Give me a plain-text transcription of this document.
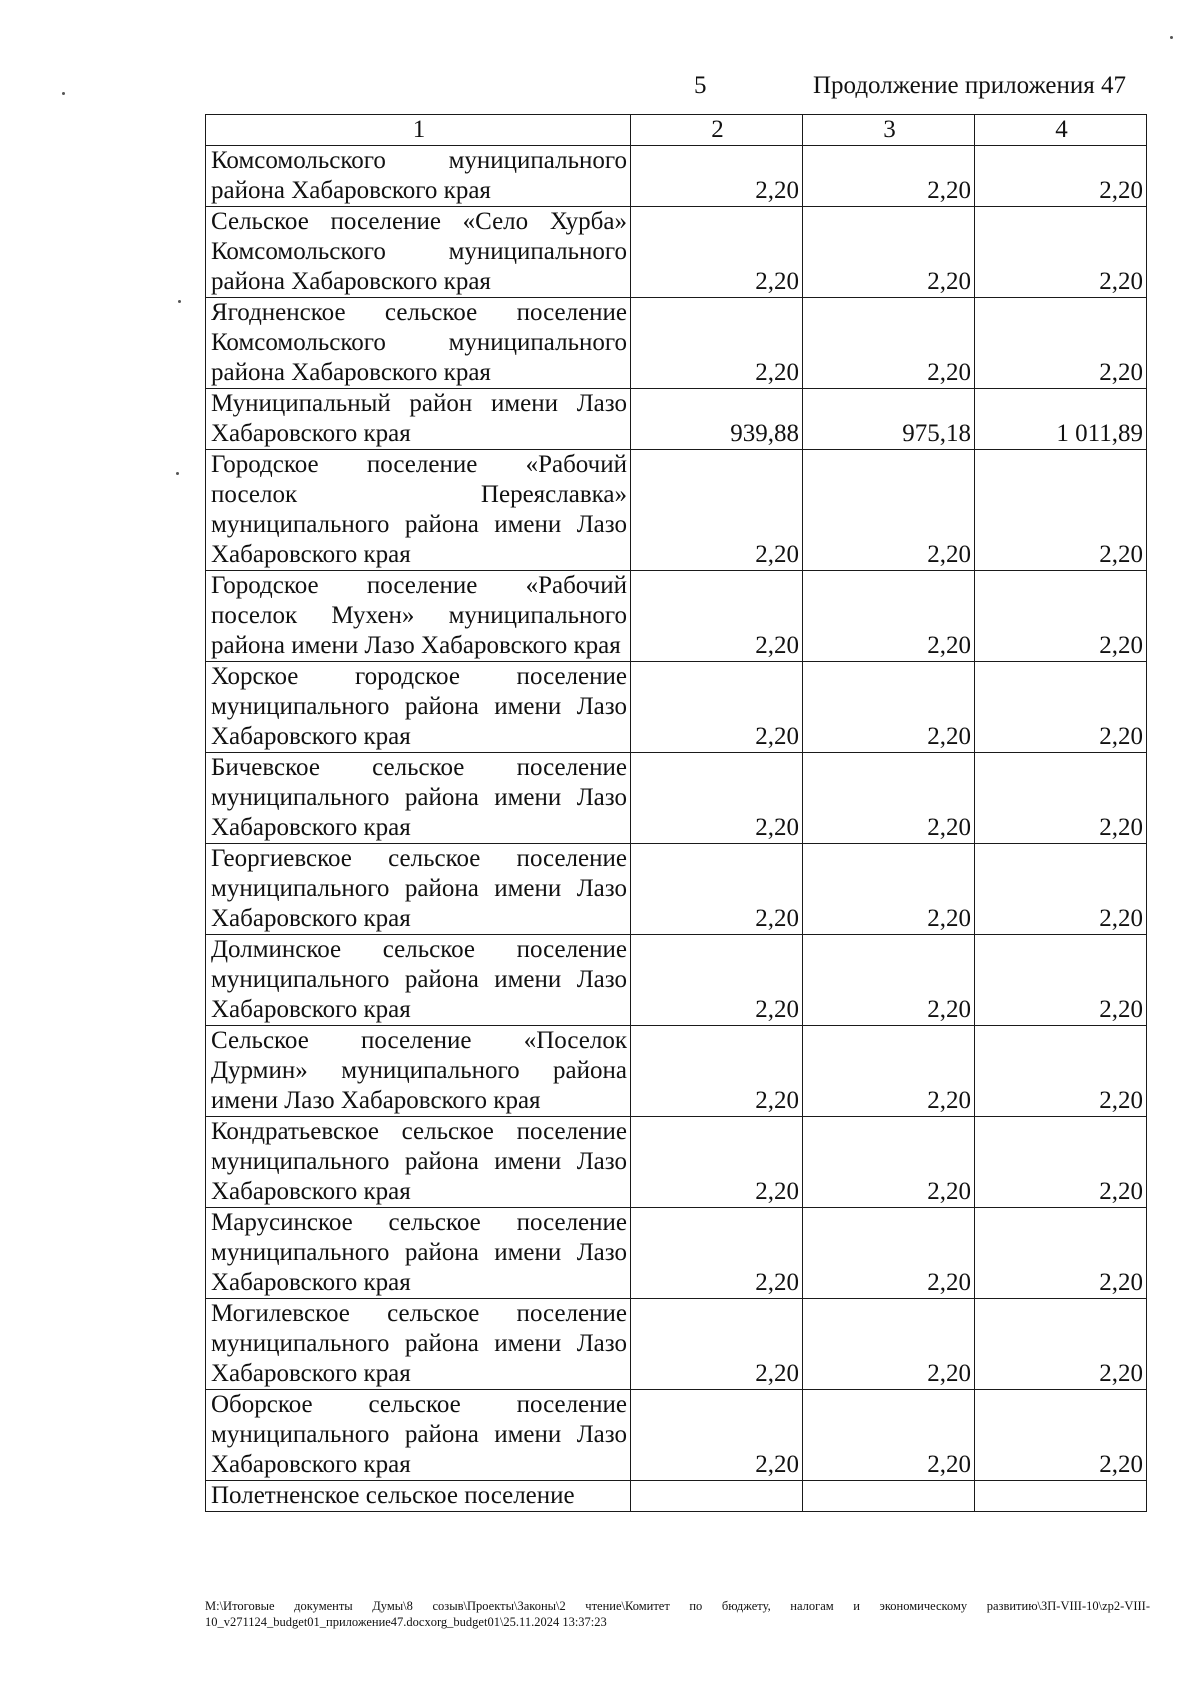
5	Продолжение приложения 47
1	2	3	4
Комсомольского муниципального района Хабаровского края	2,20	2,20	2,20
Сельское поселение «Село Хурба» Комсомольского муниципального района Хабаровского края	2,20	2,20	2,20
Ягодненское сельское поселение Комсомольского муниципального района Хабаровского края	2,20	2,20	2,20
Муниципальный район имени Лазо Хабаровского края	939,88	975,18	1 011,89
Городское поселение «Рабочий поселок Переяславка» муниципального района имени Лазо Хабаровского края	2,20	2,20	2,20
Городское поселение «Рабочий поселок Мухен» муниципального района имени Лазо Хабаровского края	2,20	2,20	2,20
Хорское городское поселение муниципального района имени Лазо Хабаровского края	2,20	2,20	2,20
Бичевское сельское поселение муниципального района имени Лазо Хабаровского края	2,20	2,20	2,20
Георгиевское сельское поселение муниципального района имени Лазо Хабаровского края	2,20	2,20	2,20
Долминское сельское поселение муниципального района имени Лазо Хабаровского края	2,20	2,20	2,20
Сельское поселение «Поселок Дурмин» муниципального района имени Лазо Хабаровского края	2,20	2,20	2,20
Кондратьевское сельское поселение муниципального района имени Лазо Хабаровского края	2,20	2,20	2,20
Марусинское сельское поселение муниципального района имени Лазо Хабаровского края	2,20	2,20	2,20
Могилевское сельское поселение муниципального района имени Лазо Хабаровского края	2,20	2,20	2,20
Оборское сельское поселение муниципального района имени Лазо Хабаровского края	2,20	2,20	2,20
Полетненское сельское поселение			
M:\Итоговые документы Думы\8 созыв\Проекты\Законы\2 чтение\Комитет по бюджету, налогам и экономическому развитию\ЗП-VIII-10\zp2-VIII-10_v271124_budget01_приложение47.docxorg_budget01\25.11.2024 13:37:23
